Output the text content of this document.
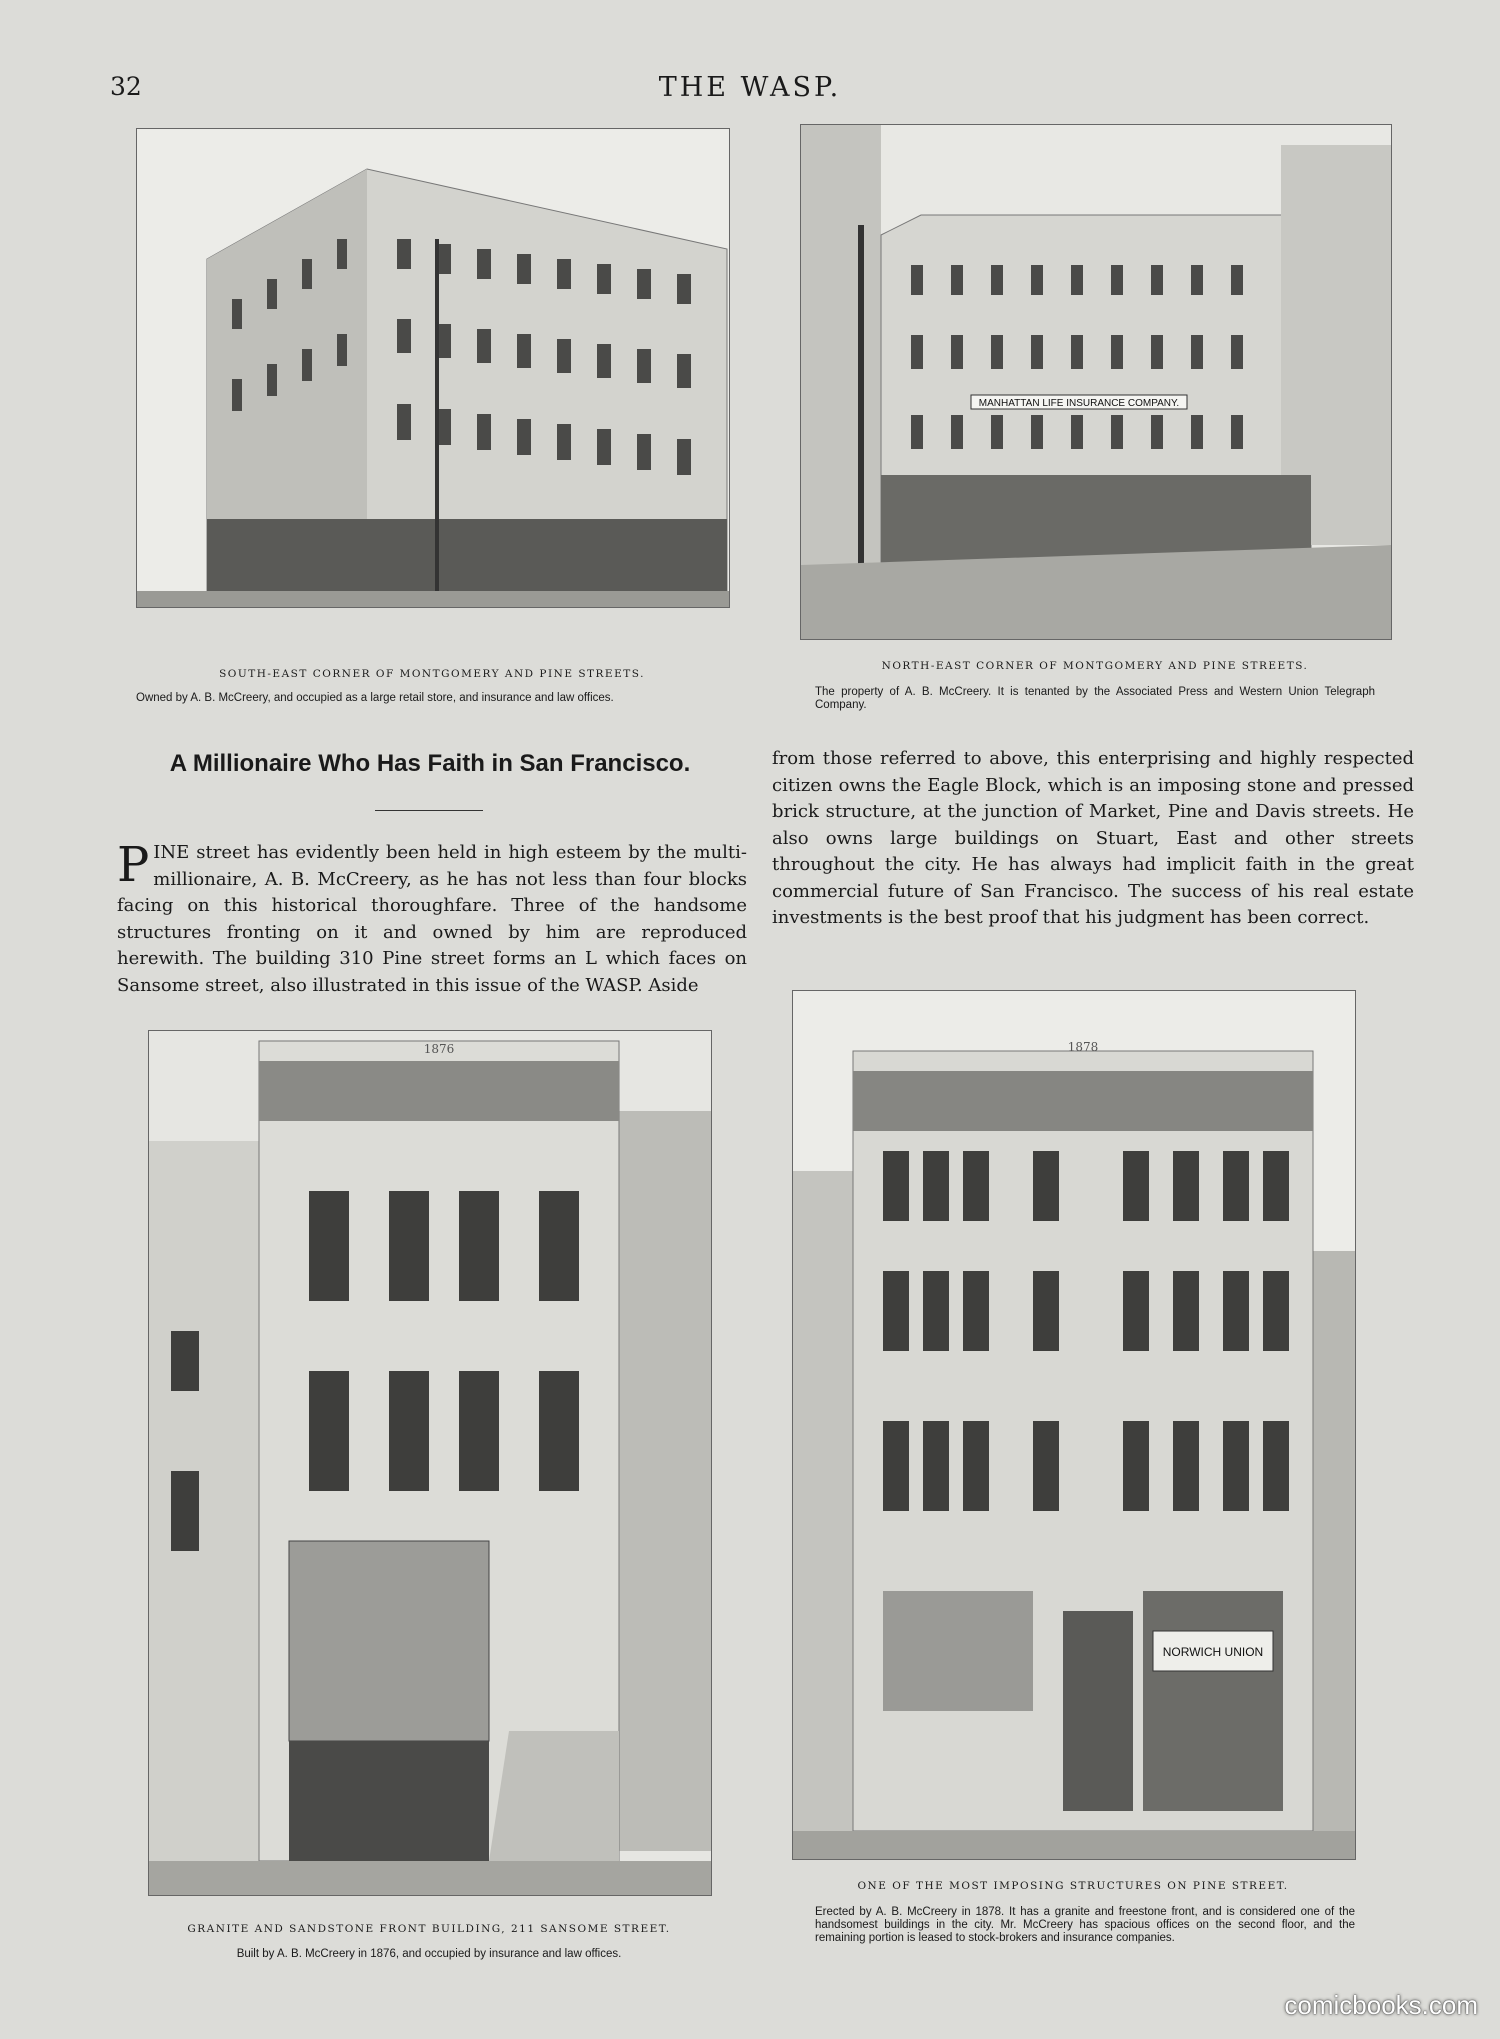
32	THE WASP.
SOUTH-EAST CORNER OF MONTGOMERY AND PINE STREETS.
Owned by A. B. McCreery, and occupied as a large retail store, and insurance and law offices.
MANHATTAN LIFE INSURANCE COMPANY.
NORTH-EAST CORNER OF MONTGOMERY AND PINE STREETS.
The property of A. B. McCreery. It is tenanted by the Associated Press and Western Union Telegraph Company.
A Millionaire Who Has Faith in San Francisco.

PINE street has evidently been held in high esteem by the multi-millionaire, A. B. McCreery, as he has not less than four blocks facing on this historical thoroughfare. Three of the handsome structures fronting on it and owned by him are reproduced herewith. The building 310 Pine street forms an L which faces on Sansome street, also illustrated in this issue of the WASP. Aside

from those referred to above, this enterprising and highly respected citizen owns the Eagle Block, which is an imposing stone and pressed brick structure, at the junction of Market, Pine and Davis streets. He also owns large buildings on Stuart, East and other streets throughout the city. He has always had implicit faith in the great commercial future of San Francisco. The success of his real estate investments is the best proof that his judgment has been correct.

1876
GRANITE AND SANDSTONE FRONT BUILDING, 211 SANSOME STREET.
Built by A. B. McCreery in 1876, and occupied by insurance and law offices.
1878
NORWICH UNION
ONE OF THE MOST IMPOSING STRUCTURES ON PINE STREET.
Erected by A. B. McCreery in 1878. It has a granite and freestone front, and is considered one of the handsomest buildings in the city. Mr. McCreery has spacious offices on the second floor, and the remaining portion is leased to stock-brokers and insurance companies.
comicbooks.com
